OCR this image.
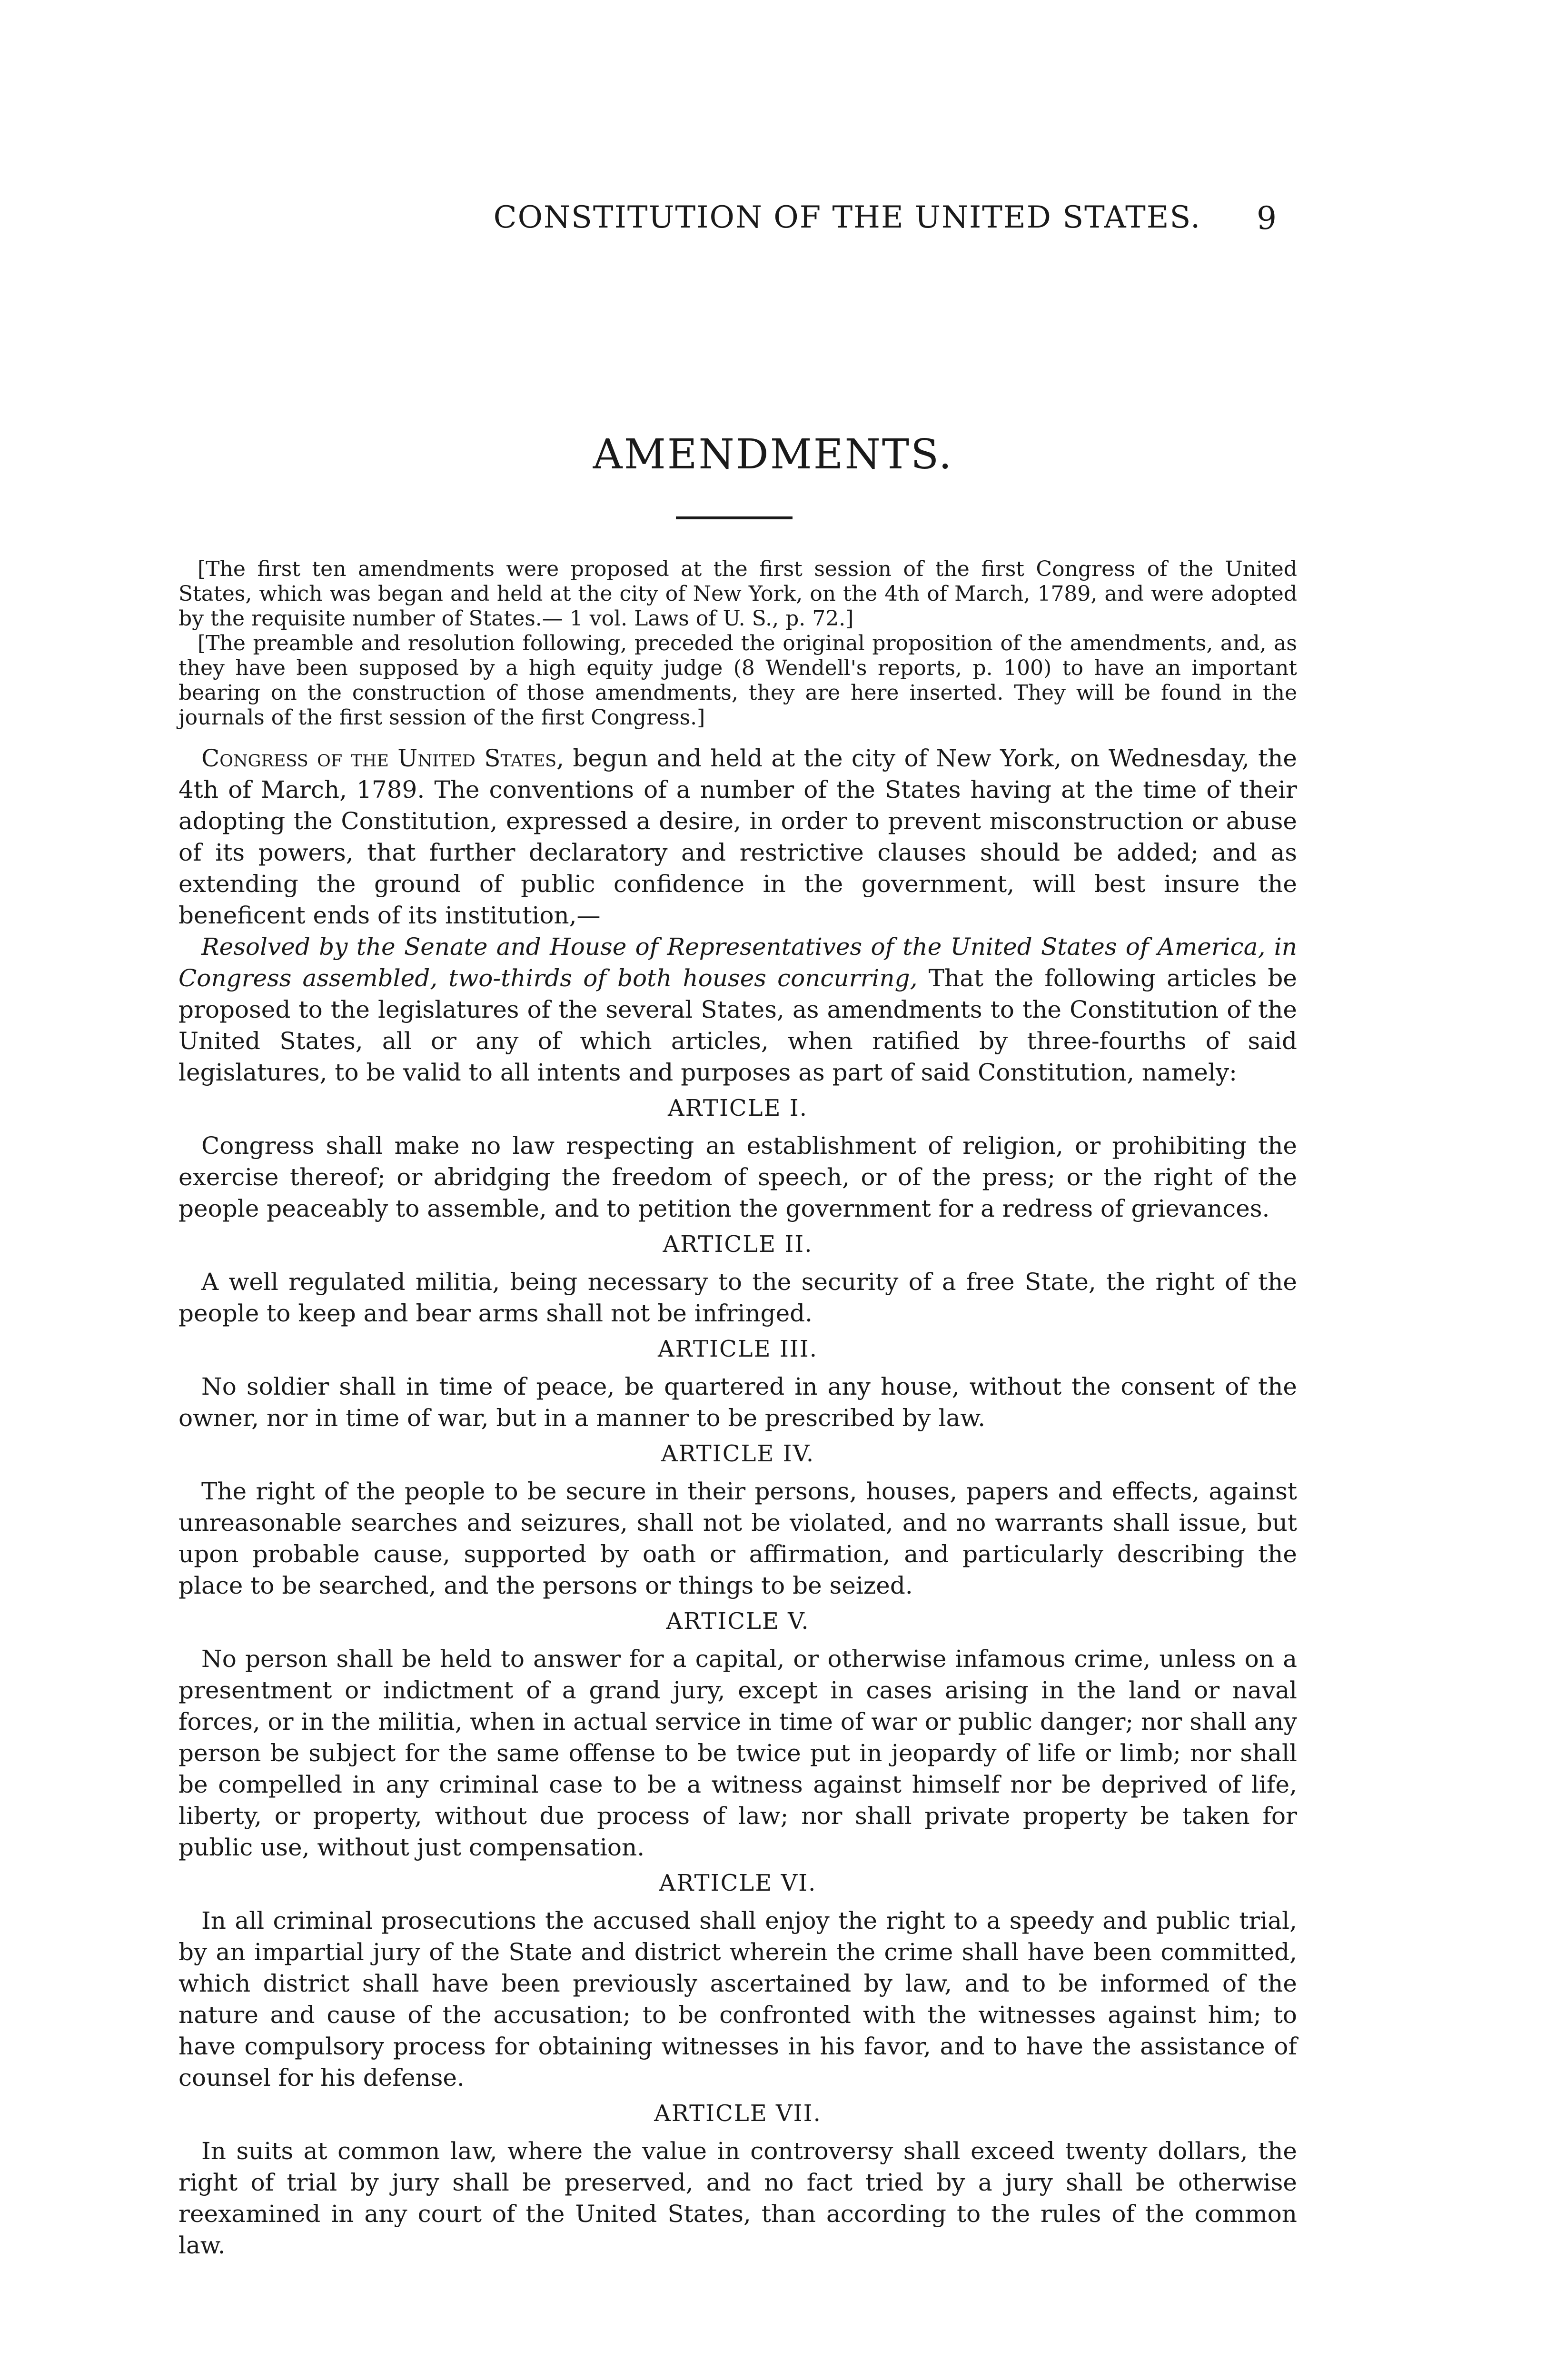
CONSTITUTION OF THE UNITED STATES.	9
AMENDMENTS.

[The first ten amendments were proposed at the first session of the first Congress of the United States, which was began and held at the city of New York, on the 4th of March, 1789, and were adopted by the requisite number of States.— 1 vol. Laws of U. S., p. 72.]

[The preamble and resolution following, preceded the original proposition of the amendments, and, as they have been supposed by a high equity judge (8 Wendell's reports, p. 100) to have an important bearing on the construction of those amendments, they are here inserted. They will be found in the journals of the first session of the first Congress.]

Congress of the United States, begun and held at the city of New York, on Wednesday, the 4th of March, 1789. The conventions of a number of the States having at the time of their adopting the Constitution, expressed a desire, in order to prevent misconstruction or abuse of its powers, that further declaratory and restrictive clauses should be added; and as extending the ground of public confidence in the government, will best insure the beneficent ends of its institution,—

Resolved by the Senate and House of Representatives of the United States of America, in Congress assembled, two-thirds of both houses concurring, That the following articles be proposed to the legislatures of the several States, as amendments to the Constitution of the United States, all or any of which articles, when ratified by three-fourths of said legislatures, to be valid to all intents and purposes as part of said Constitution, namely:

ARTICLE I.

Congress shall make no law respecting an establishment of religion, or prohibiting the exercise thereof; or abridging the freedom of speech, or of the press; or the right of the people peaceably to assemble, and to petition the government for a redress of grievances.

ARTICLE II.

A well regulated militia, being necessary to the security of a free State, the right of the people to keep and bear arms shall not be infringed.

ARTICLE III.

No soldier shall in time of peace, be quartered in any house, without the consent of the owner, nor in time of war, but in a manner to be prescribed by law.

ARTICLE IV.

The right of the people to be secure in their persons, houses, papers and effects, against unreasonable searches and seizures, shall not be violated, and no warrants shall issue, but upon probable cause, supported by oath or affirmation, and particularly describing the place to be searched, and the persons or things to be seized.

ARTICLE V.

No person shall be held to answer for a capital, or otherwise infamous crime, unless on a presentment or indictment of a grand jury, except in cases arising in the land or naval forces, or in the militia, when in actual service in time of war or public danger; nor shall any person be subject for the same offense to be twice put in jeopardy of life or limb; nor shall be compelled in any criminal case to be a witness against himself nor be deprived of life, liberty, or property, without due process of law; nor shall private property be taken for public use, without just compensation.

ARTICLE VI.

In all criminal prosecutions the accused shall enjoy the right to a speedy and public trial, by an impartial jury of the State and district wherein the crime shall have been committed, which district shall have been previously ascertained by law, and to be informed of the nature and cause of the accusation; to be confronted with the witnesses against him; to have compulsory process for obtaining witnesses in his favor, and to have the assistance of counsel for his defense.

ARTICLE VII.

In suits at common law, where the value in controversy shall exceed twenty dollars, the right of trial by jury shall be preserved, and no fact tried by a jury shall be otherwise reexamined in any court of the United States, than according to the rules of the common law.
